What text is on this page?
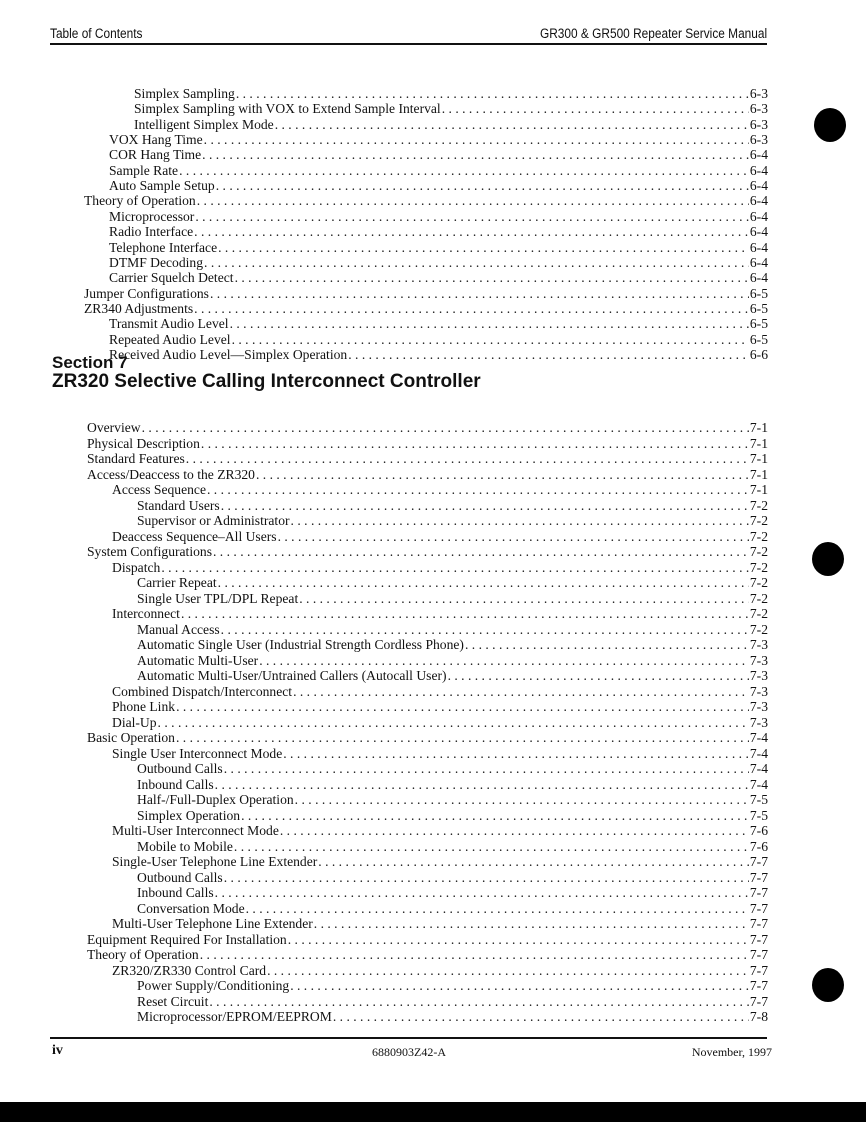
Table of Contents	GR300 & GR500 Repeater Service Manual
Simplex Sampling . . .	6-3
Simplex Sampling with VOX to Extend Sample Interval . . .	6-3
Intelligent Simplex Mode . . .	6-3
VOX Hang Time . . .	6-3
COR Hang Time . . .	6-4
Sample Rate . . .	6-4
Auto Sample Setup . . .	6-4
Theory of Operation . . .	6-4
Microprocessor . . .	6-4
Radio Interface . . .	6-4
Telephone Interface . . .	6-4
DTMF Decoding . . .	6-4
Carrier Squelch Detect . . .	6-4
Jumper Configurations . . .	6-5
ZR340 Adjustments . . .	6-5
Transmit Audio Level . . .	6-5
Repeated Audio Level . . .	6-5
Received Audio Level—Simplex Operation . . .	6-6
Section 7
ZR320 Selective Calling Interconnect Controller
Overview . . .	7-1
Physical Description . . .	7-1
Standard Features . . .	7-1
Access/Deaccess to the ZR320 . . .	7-1
Access Sequence . . .	7-1
Standard Users . . .	7-2
Supervisor or Administrator . . .	7-2
Deaccess Sequence–All Users . . .	7-2
System Configurations . . .	7-2
Dispatch . . .	7-2
Carrier Repeat . . .	7-2
Single User TPL/DPL Repeat . . .	7-2
Interconnect . . .	7-2
Manual Access . . .	7-2
Automatic Single User (Industrial Strength Cordless Phone) . . .	7-3
Automatic Multi-User . . .	7-3
Automatic Multi-User/Untrained Callers (Autocall User) . . .	7-3
Combined Dispatch/Interconnect . . .	7-3
Phone Link . . .	7-3
Dial-Up . . .	7-3
Basic Operation . . .	7-4
Single User Interconnect Mode . . .	7-4
Outbound Calls . . .	7-4
Inbound Calls . . .	7-4
Half-/Full-Duplex Operation . . .	7-5
Simplex Operation . . .	7-5
Multi-User Interconnect Mode . . .	7-6
Mobile to Mobile . . .	7-6
Single-User Telephone Line Extender . . .	7-7
Outbound Calls . . .	7-7
Inbound Calls . . .	7-7
Conversation Mode . . .	7-7
Multi-User Telephone Line Extender . . .	7-7
Equipment Required For Installation . . .	7-7
Theory of Operation . . .	7-7
ZR320/ZR330 Control Card . . .	7-7
Power Supply/Conditioning . . .	7-7
Reset Circuit . . .	7-7
Microprocessor/EPROM/EEPROM . . .	7-8
iv	6880903Z42-A	November, 1997
